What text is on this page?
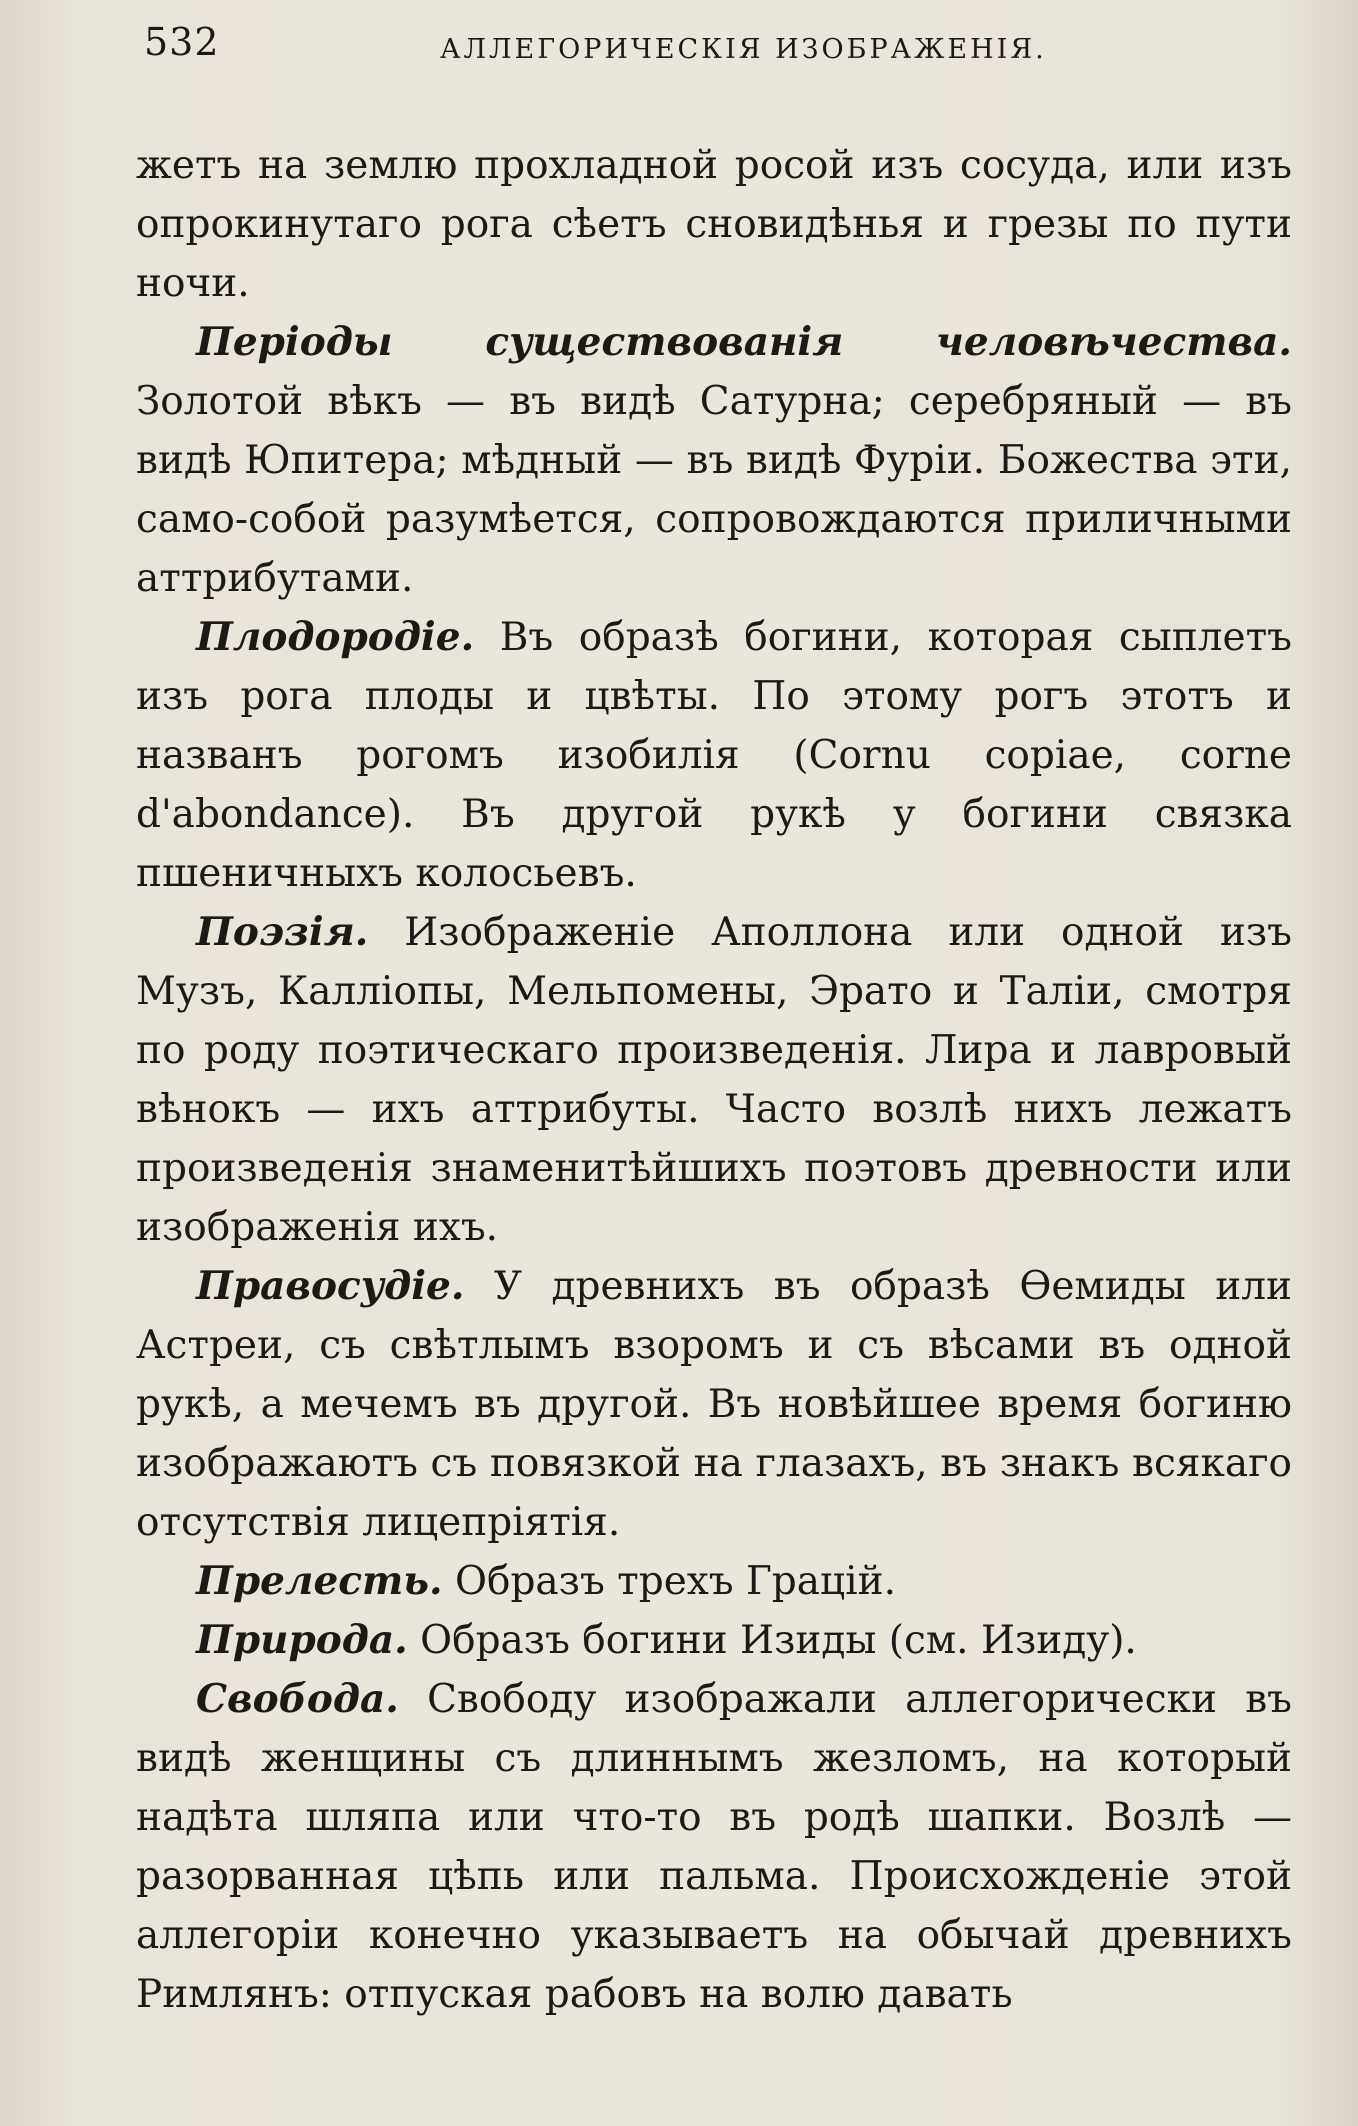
532	АЛЛЕГОРИЧЕСКІЯ ИЗОБРАЖЕНІЯ.

жетъ на землю прохладной росой изъ сосуда, или изъ опрокинутаго рога сѣетъ сновидѣнья и грезы по пути ночи.

Періоды существованія человѣчества. Золотой вѣкъ — въ видѣ Сатурна; серебряный — въ видѣ Юпитера; мѣдный — въ видѣ Фуріи. Божества эти, само-собой разумѣется, сопровождаются приличными аттрибутами.

Плодородіе. Въ образѣ богини, которая сыплетъ изъ рога плоды и цвѣты. По этому рогъ этотъ и названъ рогомъ изобилія (Cornu copiae, corne d'abondance). Въ другой рукѣ у богини связка пшеничныхъ колосьевъ.

Поэзія. Изображеніе Аполлона или одной изъ Музъ, Калліопы, Мельпомены, Эрато и Таліи, смотря по роду поэтическаго произведенія. Лира и лавровый вѣнокъ — ихъ аттрибуты. Часто возлѣ нихъ лежатъ произведенія знаменитѣйшихъ поэтовъ древности или изображенія ихъ.

Правосудіе. У древнихъ въ образѣ Ѳемиды или Астреи, съ свѣтлымъ взоромъ и съ вѣсами въ одной рукѣ, а мечемъ въ другой. Въ новѣйшее время богиню изображаютъ съ повязкой на глазахъ, въ знакъ всякаго отсутствія лицепріятія.

Прелесть. Образъ трехъ Грацій.

Природа. Образъ богини Изиды (см. Изиду).

Свобода. Свободу изображали аллегорически въ видѣ женщины съ длиннымъ жезломъ, на который надѣта шляпа или что-то въ родѣ шапки. Возлѣ — разорванная цѣпь или пальма. Происхожденіе этой аллегоріи конечно указываетъ на обычай древнихъ Римлянъ: отпуская рабовъ на волю давать
